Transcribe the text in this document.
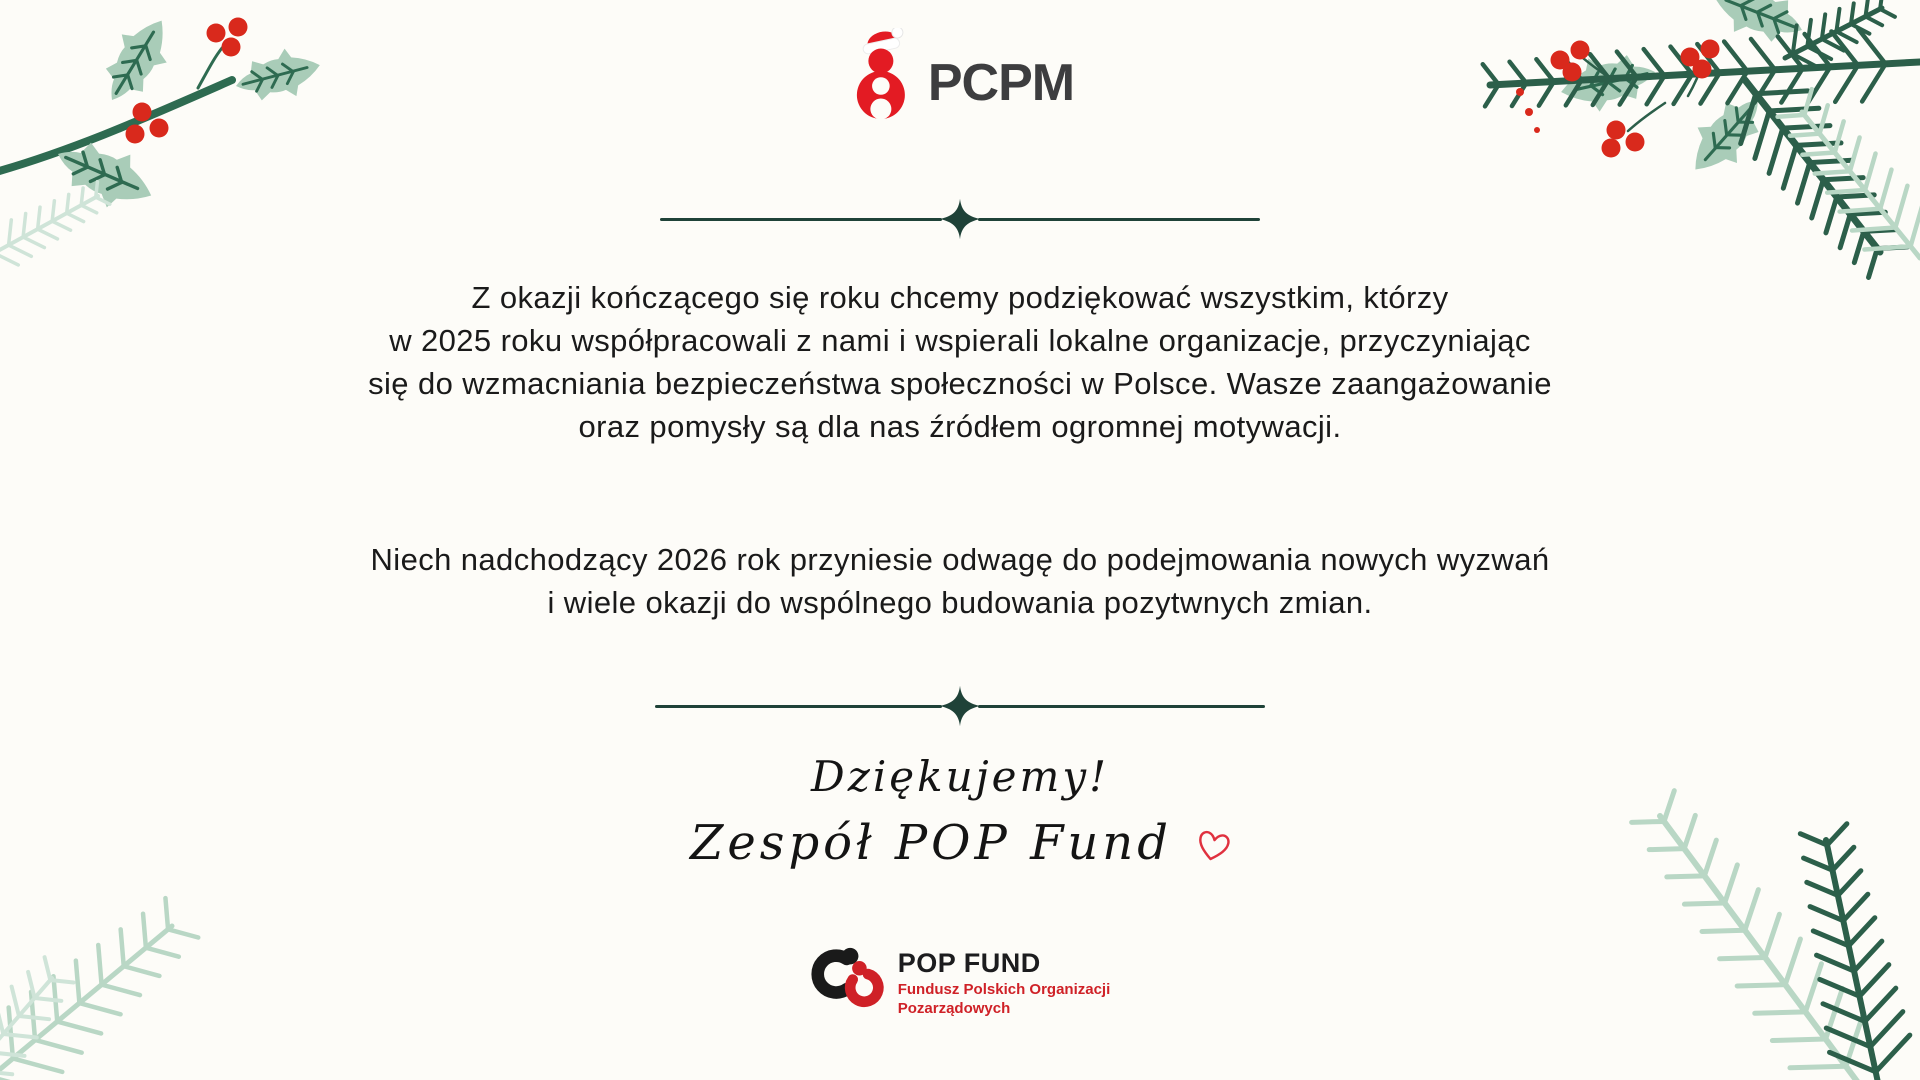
PCPM
Z okazji kończącego się roku chcemy podziękować wszystkim, którzy
w 2025 roku współpracowali z nami i wspierali lokalne organizacje, przyczyniając
się do wzmacniania bezpieczeństwa społeczności w Polsce. Wasze zaangażowanie
oraz pomysły są dla nas źródłem ogromnej motywacji.
Niech nadchodzący 2026 rok przyniesie odwagę do podejmowania nowych wyzwań
i wiele okazji do wspólnego budowania pozytwnych zmian.
Dziękujemy!
Zespół POP Fund
POP FUND
Fundusz Polskich Organizacji
Pozarządowych
